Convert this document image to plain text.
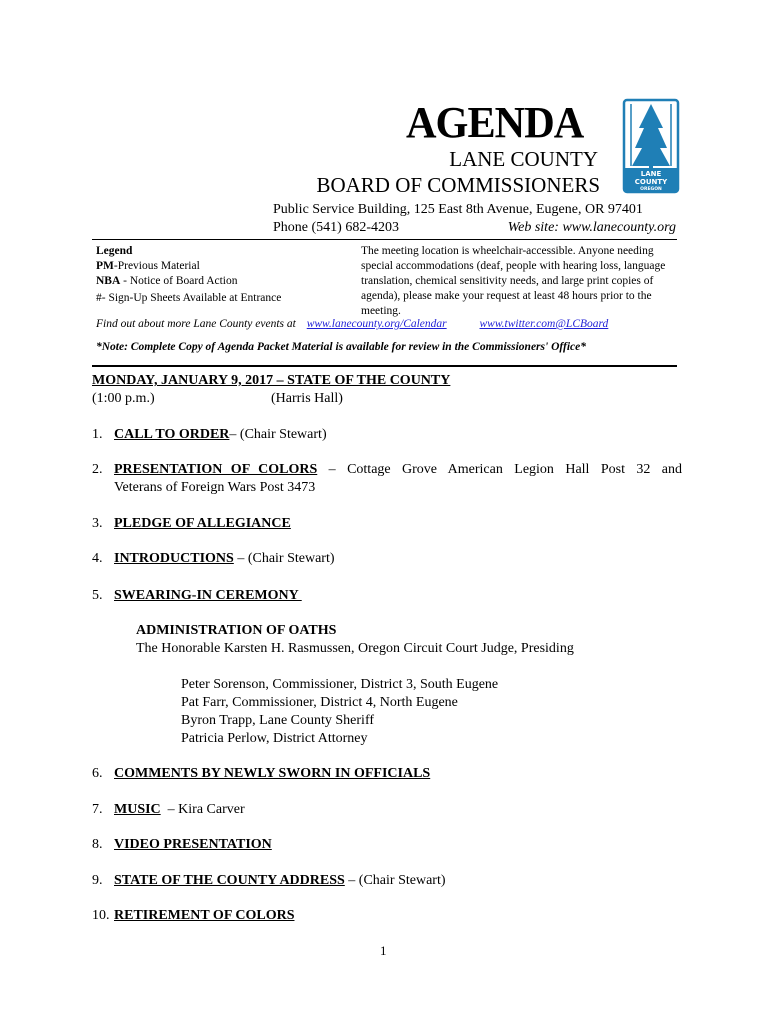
AGENDA
LANE COUNTY
BOARD OF COMMISSIONERS	LANE
COUNTY
OREGON
Public Service Building, 125 East 8th Avenue, Eugene, OR 97401
Phone (541) 682-4203	Web site: www.lanecounty.org
Legend
PM-Previous Material
NBA - Notice of Board Action
#- Sign-Up Sheets Available at Entrance
The meeting location is wheelchair-accessible. Anyone needing special accommodations (deaf, people with hearing loss, language translation, chemical sensitivity needs, and large print copies of agenda), please make your request at least 48 hours prior to the meeting.
Find out about more Lane County events at www.lanecounty.org/Calendar	www.twitter.com@LCBoard
*Note: Complete Copy of Agenda Packet Material is available for review in the Commissioners' Office*
MONDAY, JANUARY 9, 2017 – STATE OF THE COUNTY
(1:00 p.m.)	(Harris Hall)
1. CALL TO ORDER– (Chair Stewart)
2. PRESENTATION OF COLORS – Cottage Grove American Legion Hall Post 32 and
Veterans of Foreign Wars Post 3473
3. PLEDGE OF ALLEGIANCE
4. INTRODUCTIONS – (Chair Stewart)
5. SWEARING-IN CEREMONY
ADMINISTRATION OF OATHS
The Honorable Karsten H. Rasmussen, Oregon Circuit Court Judge, Presiding
Peter Sorenson, Commissioner, District 3, South Eugene
Pat Farr, Commissioner, District 4, North Eugene
Byron Trapp, Lane County Sheriff
Patricia Perlow, District Attorney
6. COMMENTS BY NEWLY SWORN IN OFFICIALS
7. MUSIC  – Kira Carver
8. VIDEO PRESENTATION
9. STATE OF THE COUNTY ADDRESS – (Chair Stewart)
10. RETIREMENT OF COLORS
1
